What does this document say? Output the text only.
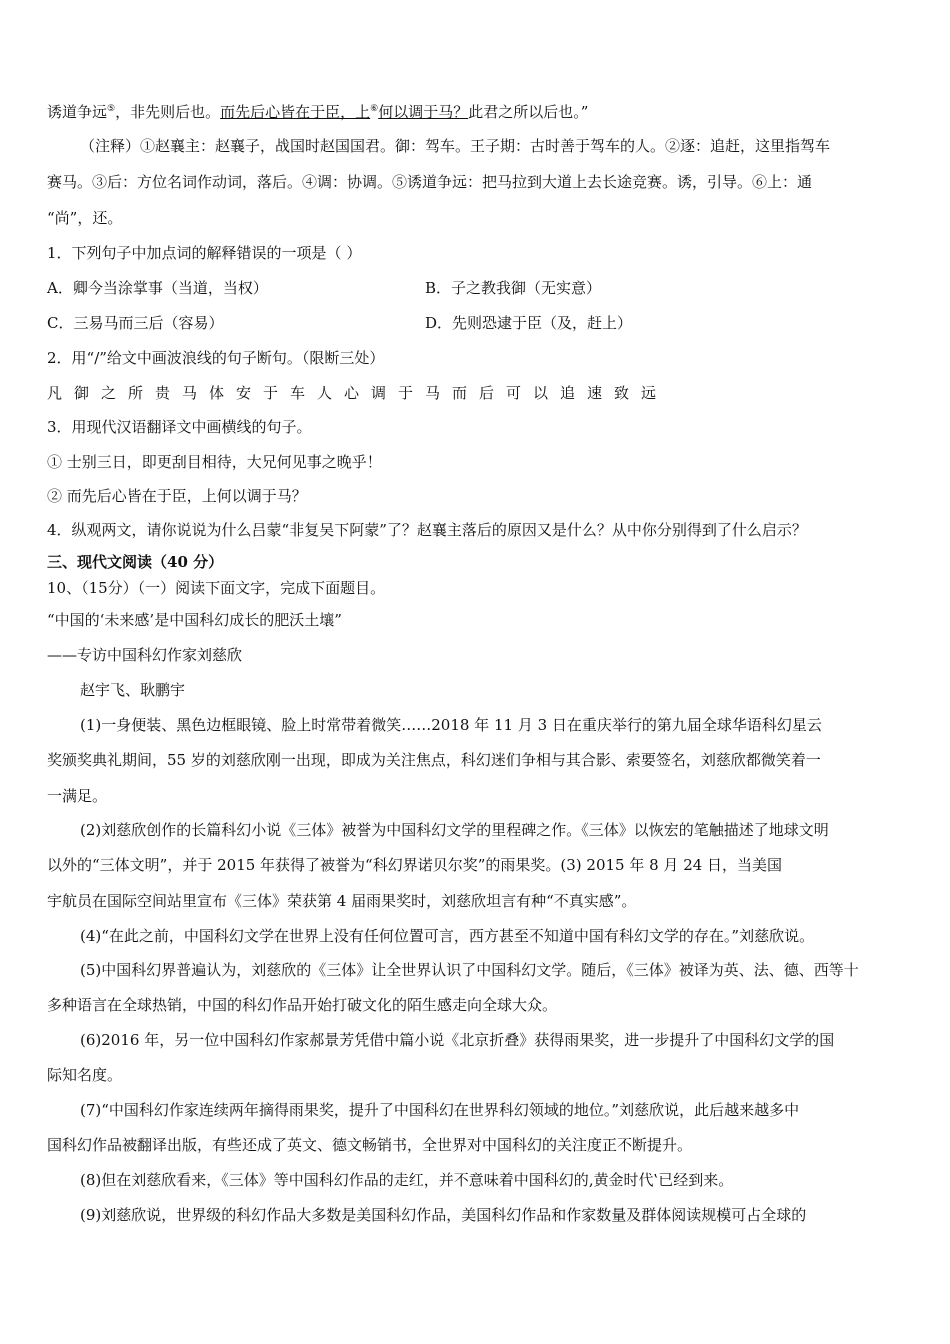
诱道争远⑤，非先则后也。而先后心皆在于臣，上⑥何以调于马？此君之所以后也。”
（注释）①赵襄主：赵襄子，战国时赵国国君。御：驾车。王子期：古时善于驾车的人。②逐：追赶，这里指驾车
赛马。③后：方位名词作动词，落后。④调：协调。⑤诱道争远：把马拉到大道上去长途竞赛。诱，引导。⑥上：通
“尚”，还。
1．下列句子中加点词的解释错误的一项是（ ）
A．卿今当涂掌事（当道，当权）	B．子之教我御（无实意）
C．三易马而三后（容易）	D．先则恐逮于臣（及，赶上）
2．用“/”给文中画波浪线的句子断句。（限断三处）
凡御之所贵马体安于车人心调于马而后可以追速致远
3．用现代汉语翻译文中画横线的句子。
① 士别三日，即更刮目相待，大兄何见事之晚乎！
② 而先后心皆在于臣，上何以调于马？
4．纵观两文，请你说说为什么吕蒙“非复吴下阿蒙”了？赵襄主落后的原因又是什么？从中你分别得到了什么启示？
三、现代文阅读（40 分）
10、（15分）（一）阅读下面文字，完成下面题目。
“中国的‘未来感’是中国科幻成长的肥沃土壤”
——专访中国科幻作家刘慈欣
赵宇飞、耿鹏宇
(1)一身便装、黑色边框眼镜、脸上时常带着微笑……2018 年 11 月 3 日在重庆举行的第九届全球华语科幻星云
奖颁奖典礼期间，55 岁的刘慈欣刚一出现，即成为关注焦点，科幻迷们争相与其合影、索要签名，刘慈欣都微笑着一
一满足。
(2)刘慈欣创作的长篇科幻小说《三体》被誉为中国科幻文学的里程碑之作。《三体》以恢宏的笔触描述了地球文明
以外的“三体文明”，并于 2015 年获得了被誉为“科幻界诺贝尔奖”的雨果奖。(3) 2015 年 8 月 24 日，当美国
宇航员在国际空间站里宣布《三体》荣获第 4 届雨果奖时，刘慈欣坦言有种“不真实感”。
(4)“在此之前，中国科幻文学在世界上没有任何位置可言，西方甚至不知道中国有科幻文学的存在。”刘慈欣说。
(5)中国科幻界普遍认为，刘慈欣的《三体》让全世界认识了中国科幻文学。随后，《三体》被译为英、法、德、西等十
多种语言在全球热销，中国的科幻作品开始打破文化的陌生感走向全球大众。
(6)2016 年，另一位中国科幻作家郝景芳凭借中篇小说《北京折叠》获得雨果奖，进一步提升了中国科幻文学的国
际知名度。
(7)“中国科幻作家连续两年摘得雨果奖，提升了中国科幻在世界科幻领域的地位。”刘慈欣说，此后越来越多中
国科幻作品被翻译出版，有些还成了英文、德文畅销书，全世界对中国科幻的关注度正不断提升。
(8)但在刘慈欣看来，《三体》等中国科幻作品的走红，并不意味着中国科幻的‚黄金时代‛已经到来。
(9)刘慈欣说，世界级的科幻作品大多数是美国科幻作品，美国科幻作品和作家数量及群体阅读规模可占全球的
